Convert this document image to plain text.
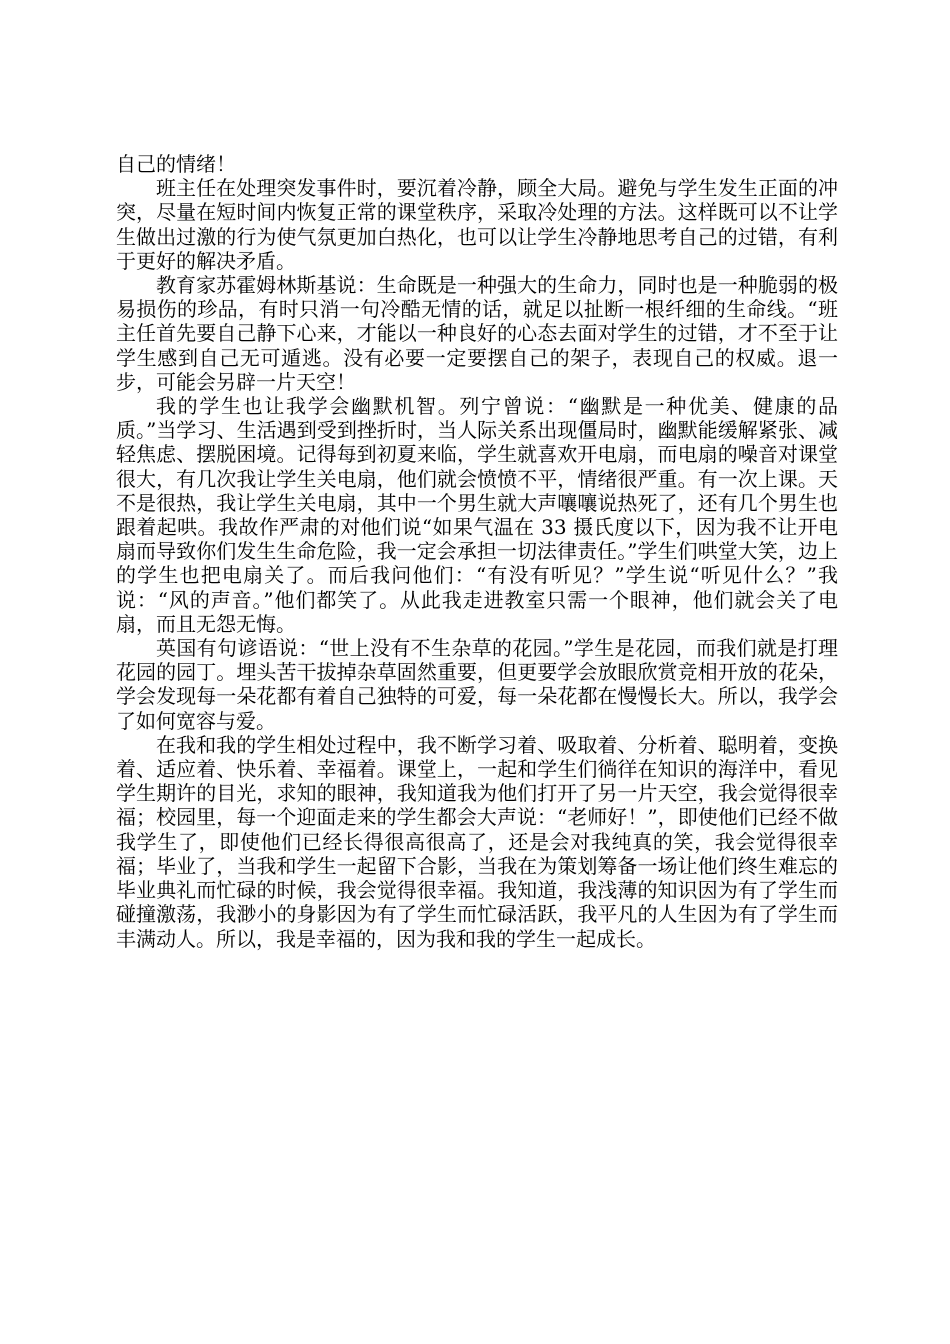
自己的情绪！

班主任在处理突发事件时，要沉着冷静，顾全大局。避免与学生发生正面的冲突，尽量在短时间内恢复正常的课堂秩序，采取冷处理的方法。这样既可以不让学生做出过激的行为使气氛更加白热化，也可以让学生冷静地思考自己的过错，有利于更好的解决矛盾。

教育家苏霍姆林斯基说：生命既是一种强大的生命力，同时也是一种脆弱的极易损伤的珍品，有时只消一句冷酷无情的话，就足以扯断一根纤细的生命线。“班主任首先要自己静下心来，才能以一种良好的心态去面对学生的过错，才不至于让学生感到自己无可遁逃。没有必要一定要摆自己的架子，表现自己的权威。退一步，可能会另辟一片天空！

我的学生也让我学会幽默机智。列宁曾说：“幽默是一种优美、健康的品质。”当学习、生活遇到受到挫折时，当人际关系出现僵局时，幽默能缓解紧张、减轻焦虑、摆脱困境。记得每到初夏来临，学生就喜欢开电扇，而电扇的噪音对课堂很大，有几次我让学生关电扇，他们就会愤愤不平，情绪很严重。有一次上课。天不是很热，我让学生关电扇，其中一个男生就大声嚷嚷说热死了，还有几个男生也跟着起哄。我故作严肃的对他们说“如果气温在 33 摄氏度以下，因为我不让开电扇而导致你们发生生命危险，我一定会承担一切法律责任。”学生们哄堂大笑，边上的学生也把电扇关了。而后我问他们：“有没有听见？”学生说“听见什么？”我说：“风的声音。”他们都笑了。从此我走进教室只需一个眼神，他们就会关了电扇，而且无怨无悔。

英国有句谚语说：“世上没有不生杂草的花园。”学生是花园，而我们就是打理花园的园丁。埋头苦干拔掉杂草固然重要，但更要学会放眼欣赏竞相开放的花朵，学会发现每一朵花都有着自己独特的可爱，每一朵花都在慢慢长大。所以，我学会了如何宽容与爱。

在我和我的学生相处过程中，我不断学习着、吸取着、分析着、聪明着，变换着、适应着、快乐着、幸福着。课堂上，一起和学生们徜徉在知识的海洋中，看见学生期许的目光，求知的眼神，我知道我为他们打开了另一片天空，我会觉得很幸福；校园里，每一个迎面走来的学生都会大声说：“老师好！”，即使他们已经不做我学生了，即使他们已经长得很高很高了，还是会对我纯真的笑，我会觉得很幸福；毕业了，当我和学生一起留下合影，当我在为策划筹备一场让他们终生难忘的毕业典礼而忙碌的时候，我会觉得很幸福。我知道，我浅薄的知识因为有了学生而碰撞激荡，我渺小的身影因为有了学生而忙碌活跃，我平凡的人生因为有了学生而丰满动人。所以，我是幸福的，因为我和我的学生一起成长。
